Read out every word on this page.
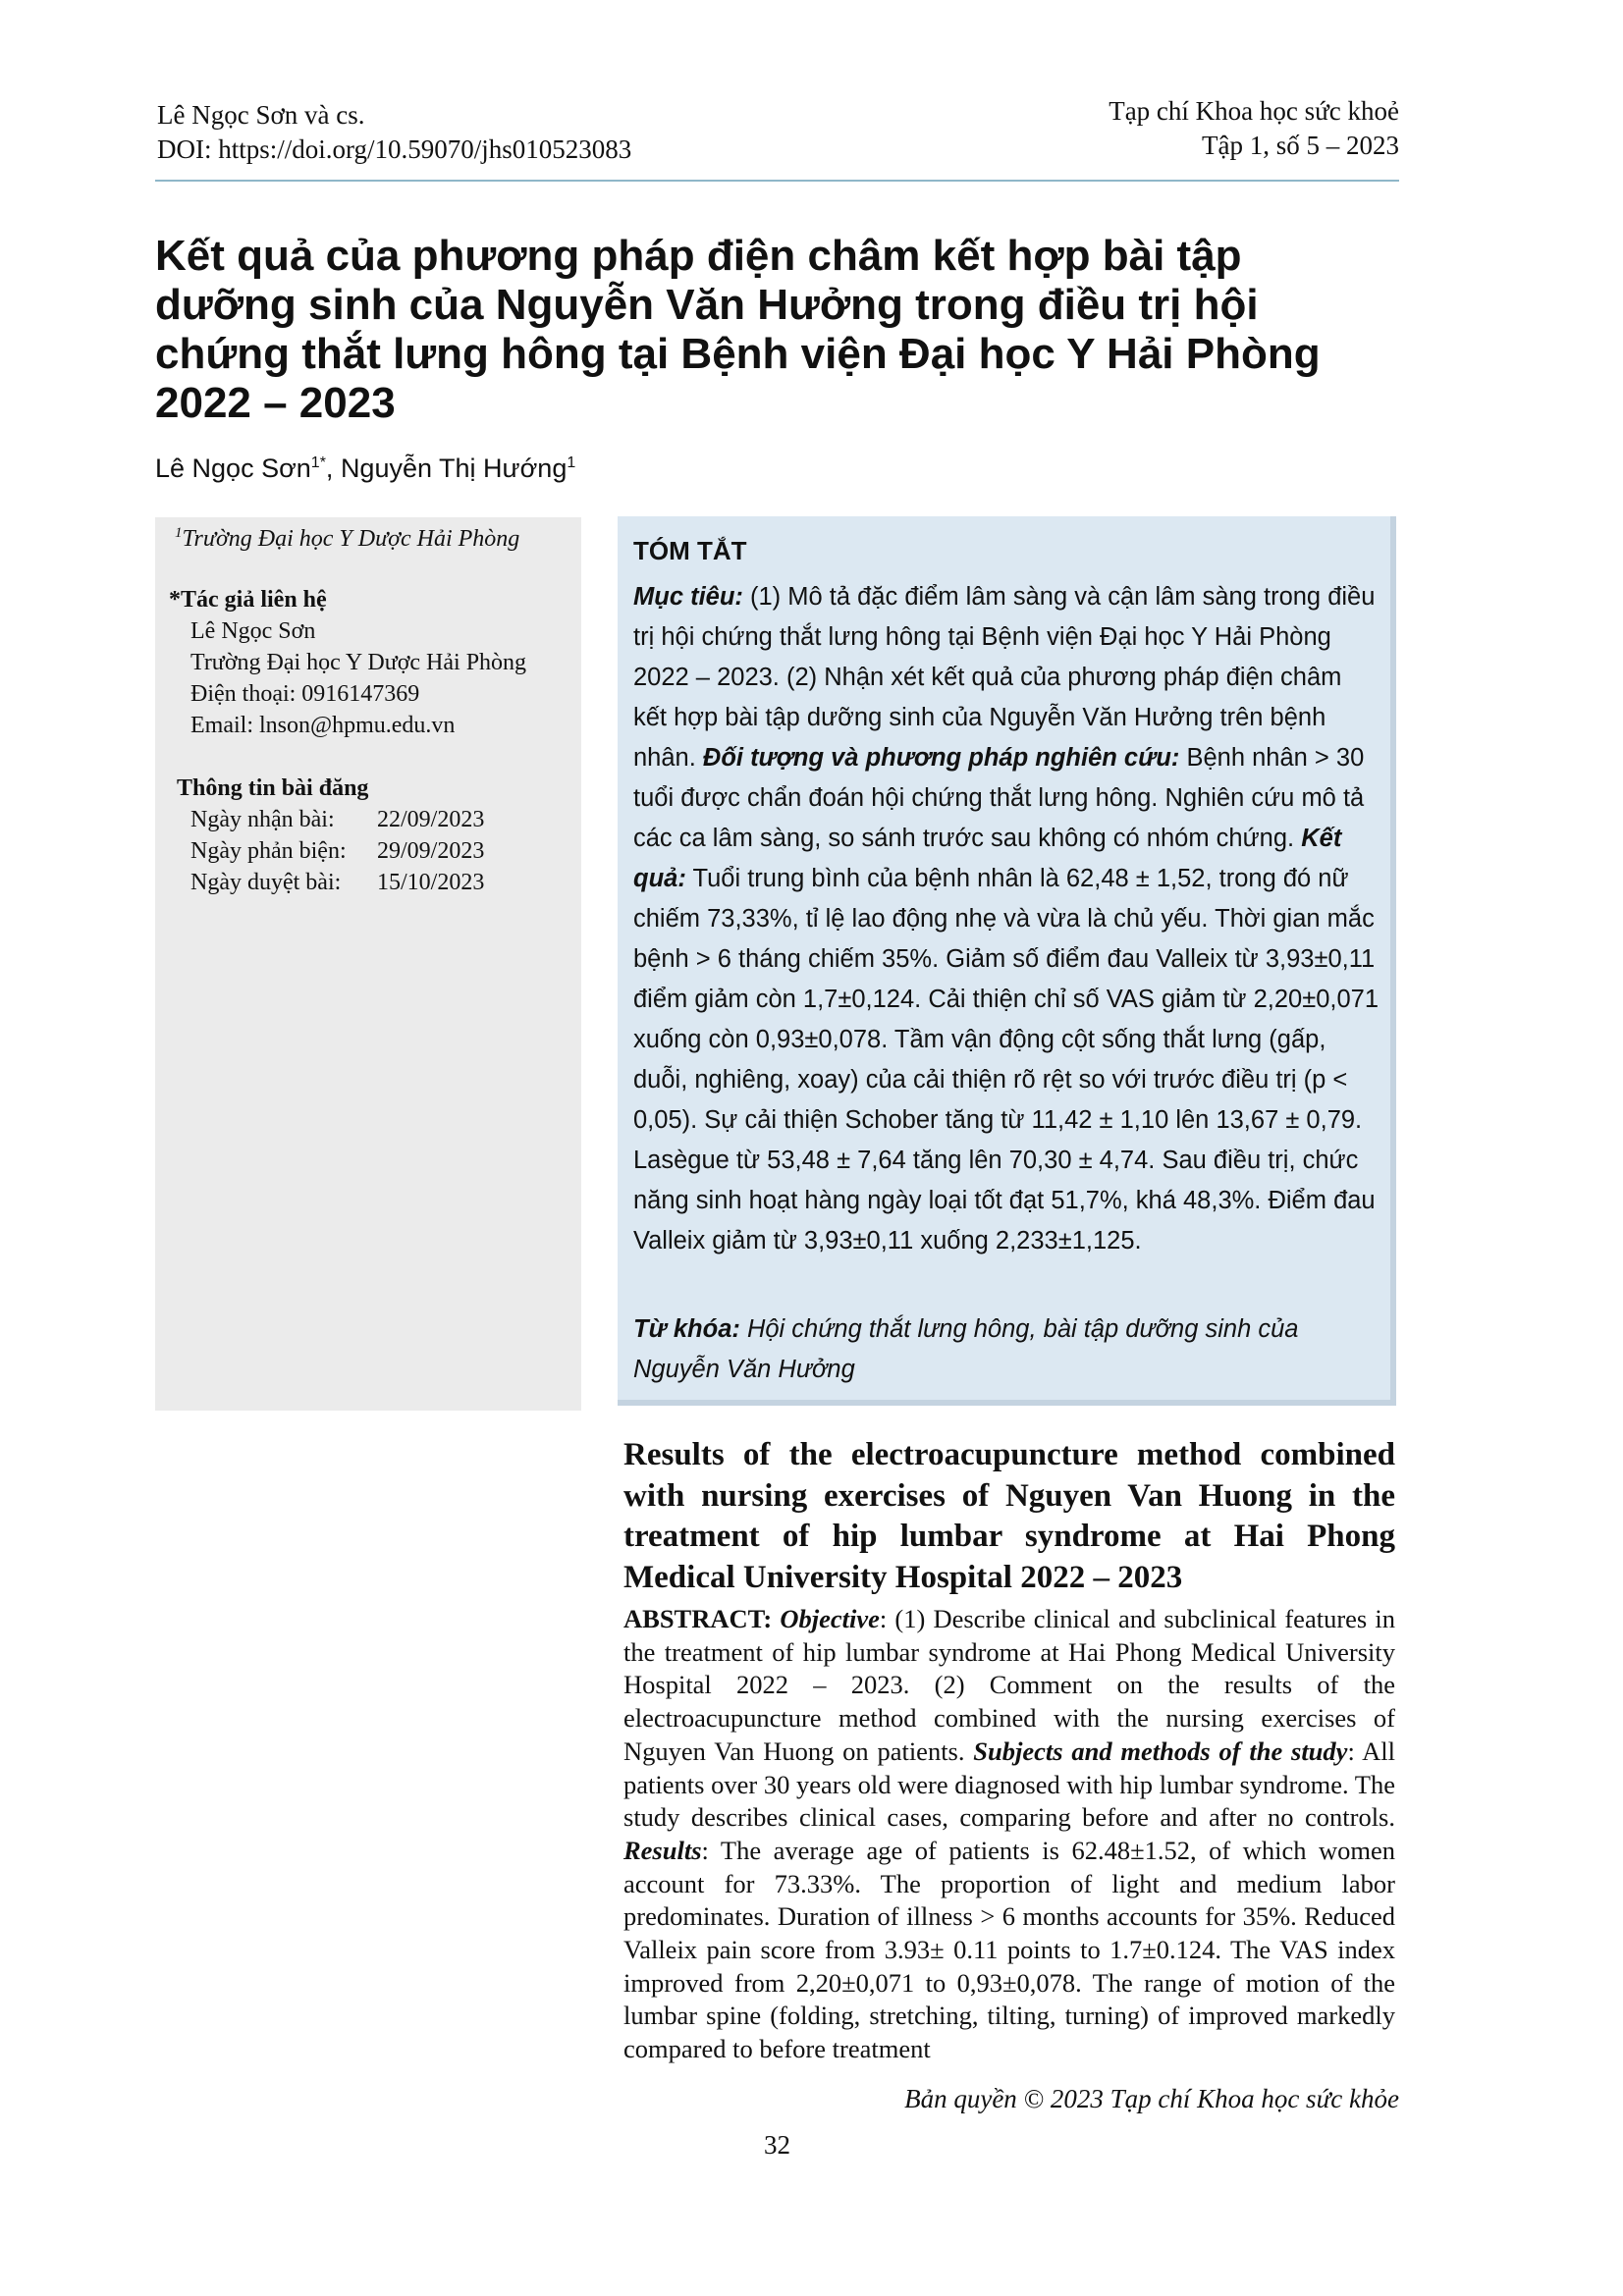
Lê Ngọc Sơn và cs.
DOI: https://doi.org/10.59070/jhs010523083
Tạp chí Khoa học sức khoẻ
Tập 1, số 5 – 2023
Kết quả của phương pháp điện châm kết hợp bài tập dưỡng sinh của Nguyễn Văn Hưởng trong điều trị hội chứng thắt lưng hông tại Bệnh viện Đại học Y Hải Phòng 2022 – 2023
Lê Ngọc Sơn$^{1*}$, Nguyễn Thị Hướng$^1$
$^1$Trường Đại học Y Dược Hải Phòng
*Tác giả liên hệ
Lê Ngọc Sơn
Trường Đại học Y Dược Hải Phòng
Điện thoại: 0916147369
Email: lnson@hpmu.edu.vn
Thông tin bài đăng
Ngày nhận bài:	22/09/2023
Ngày phản biện:	29/09/2023
Ngày duyệt bài:	15/10/2023
TÓM TẮT
Mục tiêu: (1) Mô tả đặc điểm lâm sàng và cận lâm sàng trong điều trị hội chứng thắt lưng hông tại Bệnh viện Đại học Y Hải Phòng 2022 – 2023. (2) Nhận xét kết quả của phương pháp điện châm kết hợp bài tập dưỡng sinh của Nguyễn Văn Hưởng trên bệnh nhân. Đối tượng và phương pháp nghiên cứu: Bệnh nhân > 30 tuổi được chẩn đoán hội chứng thắt lưng hông. Nghiên cứu mô tả các ca lâm sàng, so sánh trước sau không có nhóm chứng. Kết quả: Tuổi trung bình của bệnh nhân là 62,48 ± 1,52, trong đó nữ chiếm 73,33%, tỉ lệ lao động nhẹ và vừa là chủ yếu. Thời gian mắc bệnh > 6 tháng chiếm 35%. Giảm số điểm đau Valleix từ 3,93±0,11 điểm giảm còn 1,7±0,124. Cải thiện chỉ số VAS giảm từ 2,20±0,071 xuống còn 0,93±0,078. Tầm vận động cột sống thắt lưng (gấp, duỗi, nghiêng, xoay) của cải thiện rõ rệt so với trước điều trị (p < 0,05). Sự cải thiện Schober tăng từ 11,42 ± 1,10 lên 13,67 ± 0,79. Lasègue từ 53,48 ± 7,64 tăng lên 70,30 ± 4,74. Sau điều trị, chức năng sinh hoạt hàng ngày loại tốt đạt 51,7%, khá 48,3%. Điểm đau Valleix giảm từ 3,93±0,11 xuống 2,233±1,125.
Từ khóa: Hội chứng thắt lưng hông, bài tập dưỡng sinh của Nguyễn Văn Hưởng
Results of the electroacupuncture method combined with nursing exercises of Nguyen Van Huong in the treatment of hip lumbar syndrome at Hai Phong Medical University Hospital 2022 – 2023
ABSTRACT: Objective: (1) Describe clinical and subclinical features in the treatment of hip lumbar syndrome at Hai Phong Medical University Hospital 2022 – 2023. (2) Comment on the results of the electroacupuncture method combined with the nursing exercises of Nguyen Van Huong on patients. Subjects and methods of the study: All patients over 30 years old were diagnosed with hip lumbar syndrome. The study describes clinical cases, comparing before and after no controls. Results: The average age of patients is 62.48±1.52, of which women account for 73.33%. The proportion of light and medium labor predominates. Duration of illness > 6 months accounts for 35%. Reduced Valleix pain score from 3.93± 0.11 points to 1.7±0.124. The VAS index improved from 2,20±0,071 to 0,93±0,078. The range of motion of the lumbar spine (folding, stretching, tilting, turning) of improved markedly compared to before treatment
Bản quyền © 2023 Tạp chí Khoa học sức khỏe
32
